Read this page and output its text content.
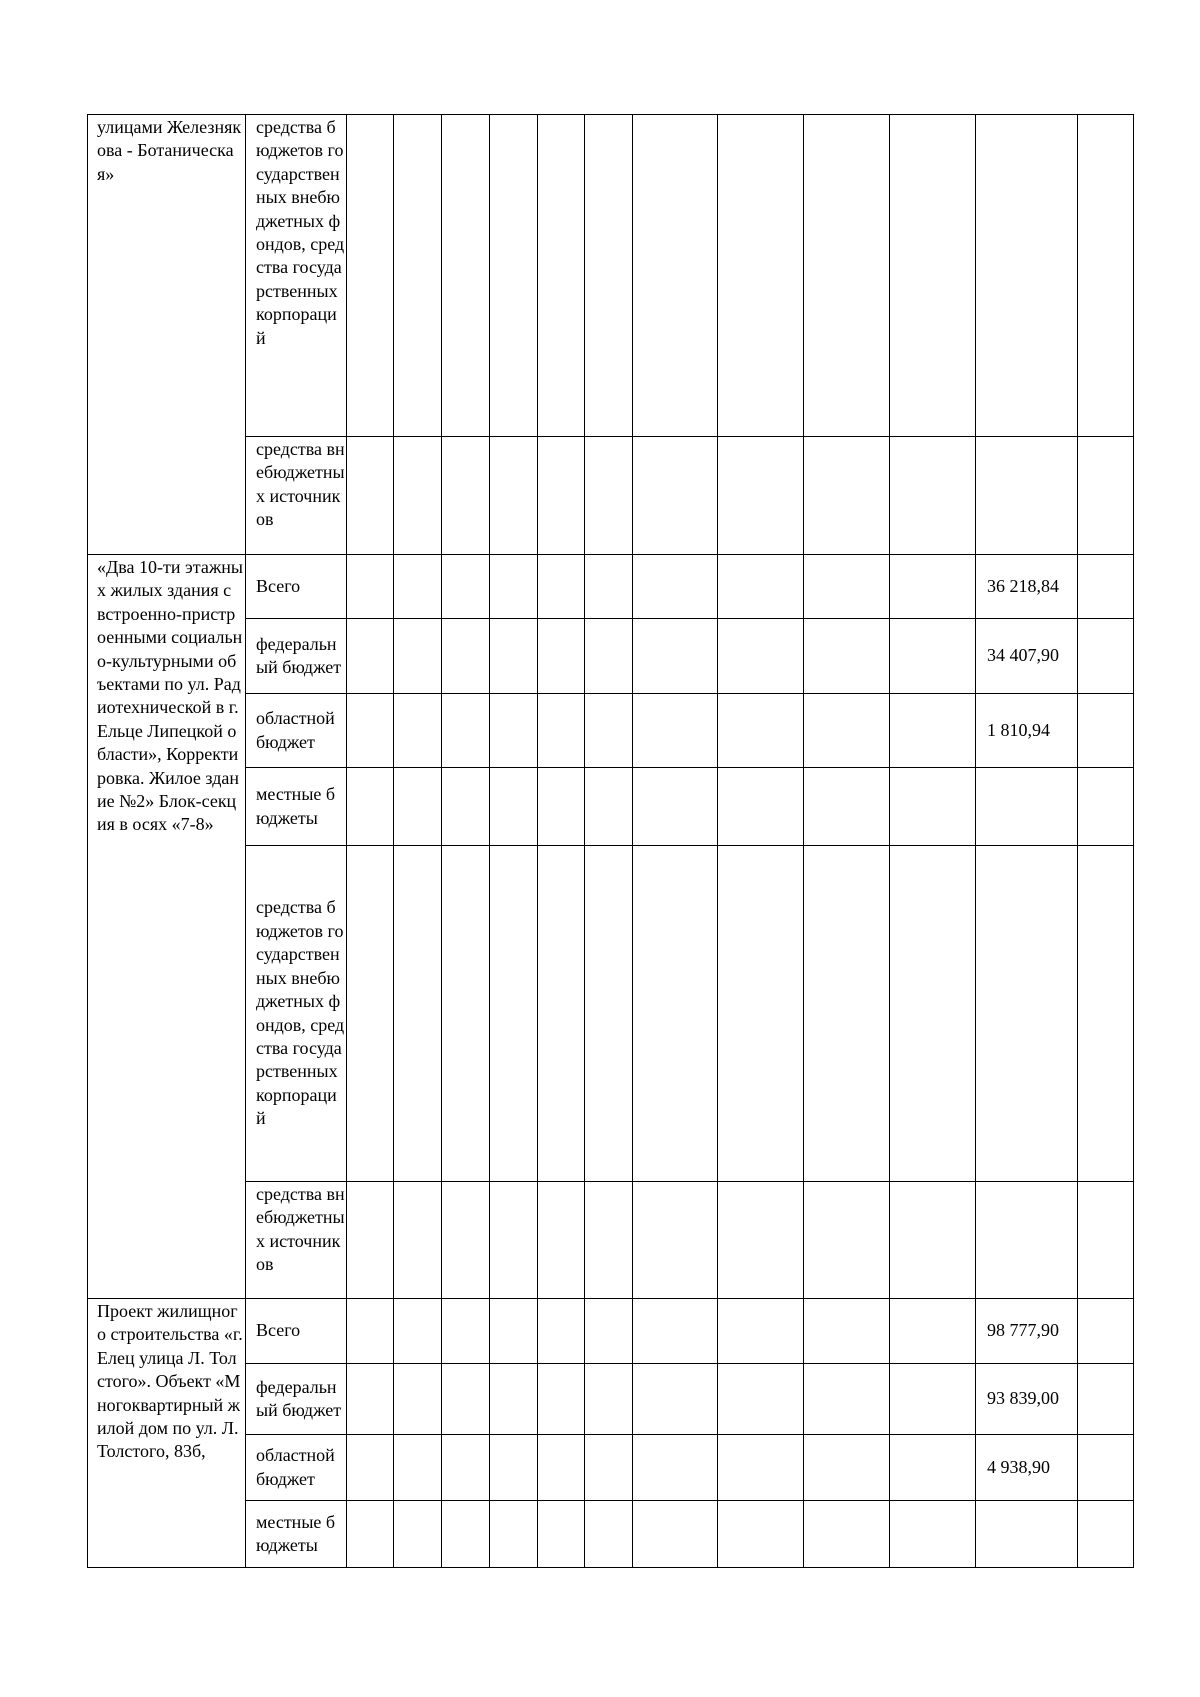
улицами Железнякова - Ботаническая»	средства бюджетов государственных внебюджетных фондов, средства государственных корпораций												
	средства внебюджетных источников												
«Два 10-ти этажных жилых здания с встроенно-пристроенными социально-культурными объектами по ул. Радиотехнической в г. Ельце Липецкой области», Корректировка. Жилое здание №2» Блок-секция в осях «7-8»	Всего											36 218,84	
	федеральный бюджет											34 407,90	
	областной бюджет											1 810,94	
	местные бюджеты												
	средства бюджетов государственных внебюджетных фондов, средства государственных корпораций												
	средства внебюджетных источников												
Проект жилищного строительства «г. Елец улица Л. Толстого». Объект «Многоквартирный жилой дом по ул. Л. Толстого, 83б,	Всего											98 777,90	
	федеральный бюджет											93 839,00	
	областной бюджет											4 938,90	
	местные бюджеты												
